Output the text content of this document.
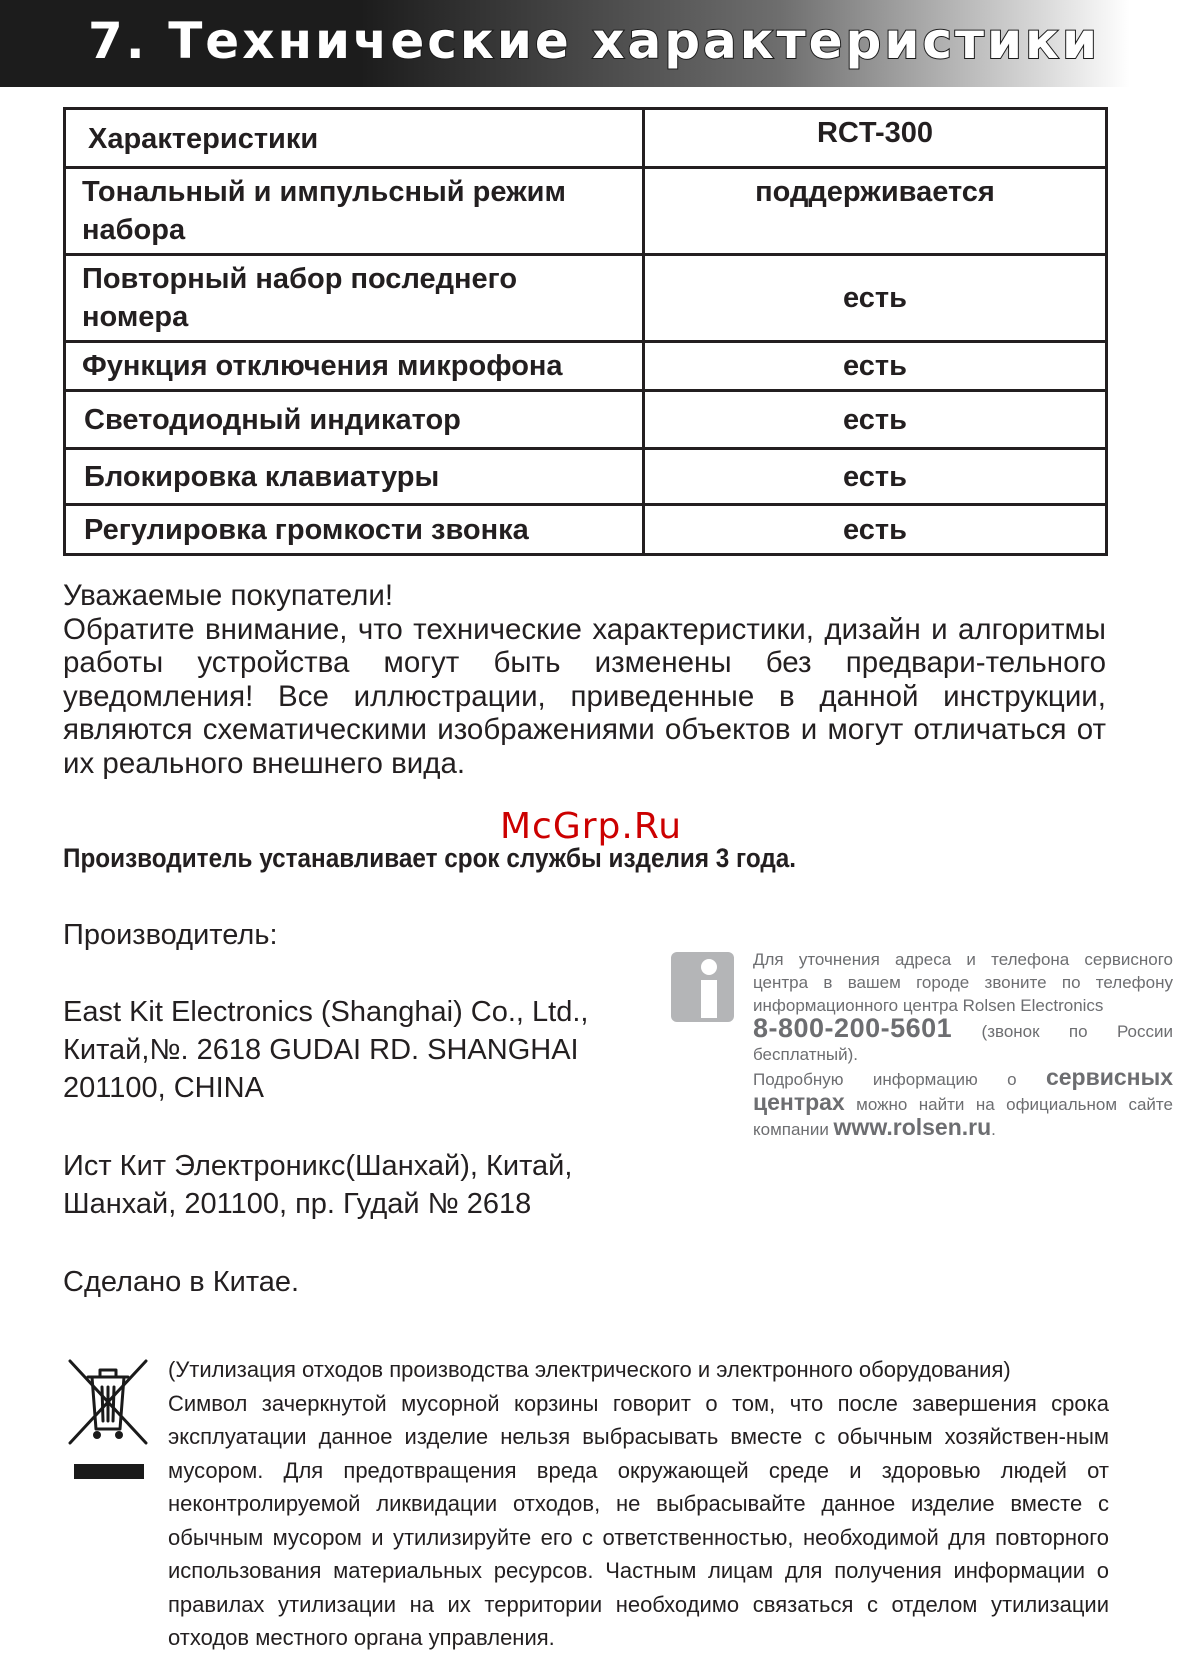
7. Технические характеристики
Характеристики	RCT-300
Тональный и импульсный режим набора	поддерживается
Повторный набор последнего номера	есть
Функция отключения микрофона	есть
Светодиодный индикатор	есть
Блокировка клавиатуры	есть
Регулировка громкости звонка	есть

Уважаемые покупатели!

Обратите внимание, что технические характеристики, дизайн и алгоритмы работы устройства могут быть изменены без предвари-тельного уведомления! Все иллюстрации, приведенные в данной инструкции, являются схематическими изображениями объектов и могут отличаться от их реального внешнего вида.

McGrp.Ru
Производитель устанавливает срок службы изделия 3 года.

Производитель:

East Kit Electronics (Shanghai) Co., Ltd.,

Китай,№. 2618 GUDAI RD. SHANGHAI

201100, CHINA

Ист Кит Электроникс(Шанхай), Китай,

Шанхай, 201100, пр. Гудай № 2618

Сделано в Китае.

Для уточнения адреса и телефона сервисного центра в вашем городе звоните по телефону информационного центра Rolsen Electronics
8-800-200-5601 (звонок по России бесплатный).
Подробную информацию о сервисных центрах можно найти на официальном сайте компании www.rolsen.ru.

(Утилизация отходов производства электрического и электронного оборудования)

Символ зачеркнутой мусорной корзины говорит о том, что после завершения срока эксплуатации данное изделие нельзя выбрасывать вместе с обычным хозяйствен-ным мусором. Для предотвращения вреда окружающей среде и здоровью людей от неконтролируемой ликвидации отходов, не выбрасывайте данное изделие вместе с обычным мусором и утилизируйте его с ответственностью, необходимой для повторного использования материальных ресурсов. Частным лицам для получения информации о правилах утилизации на их территории необходимо связаться с отделом утилизации отходов местного органа управления.
